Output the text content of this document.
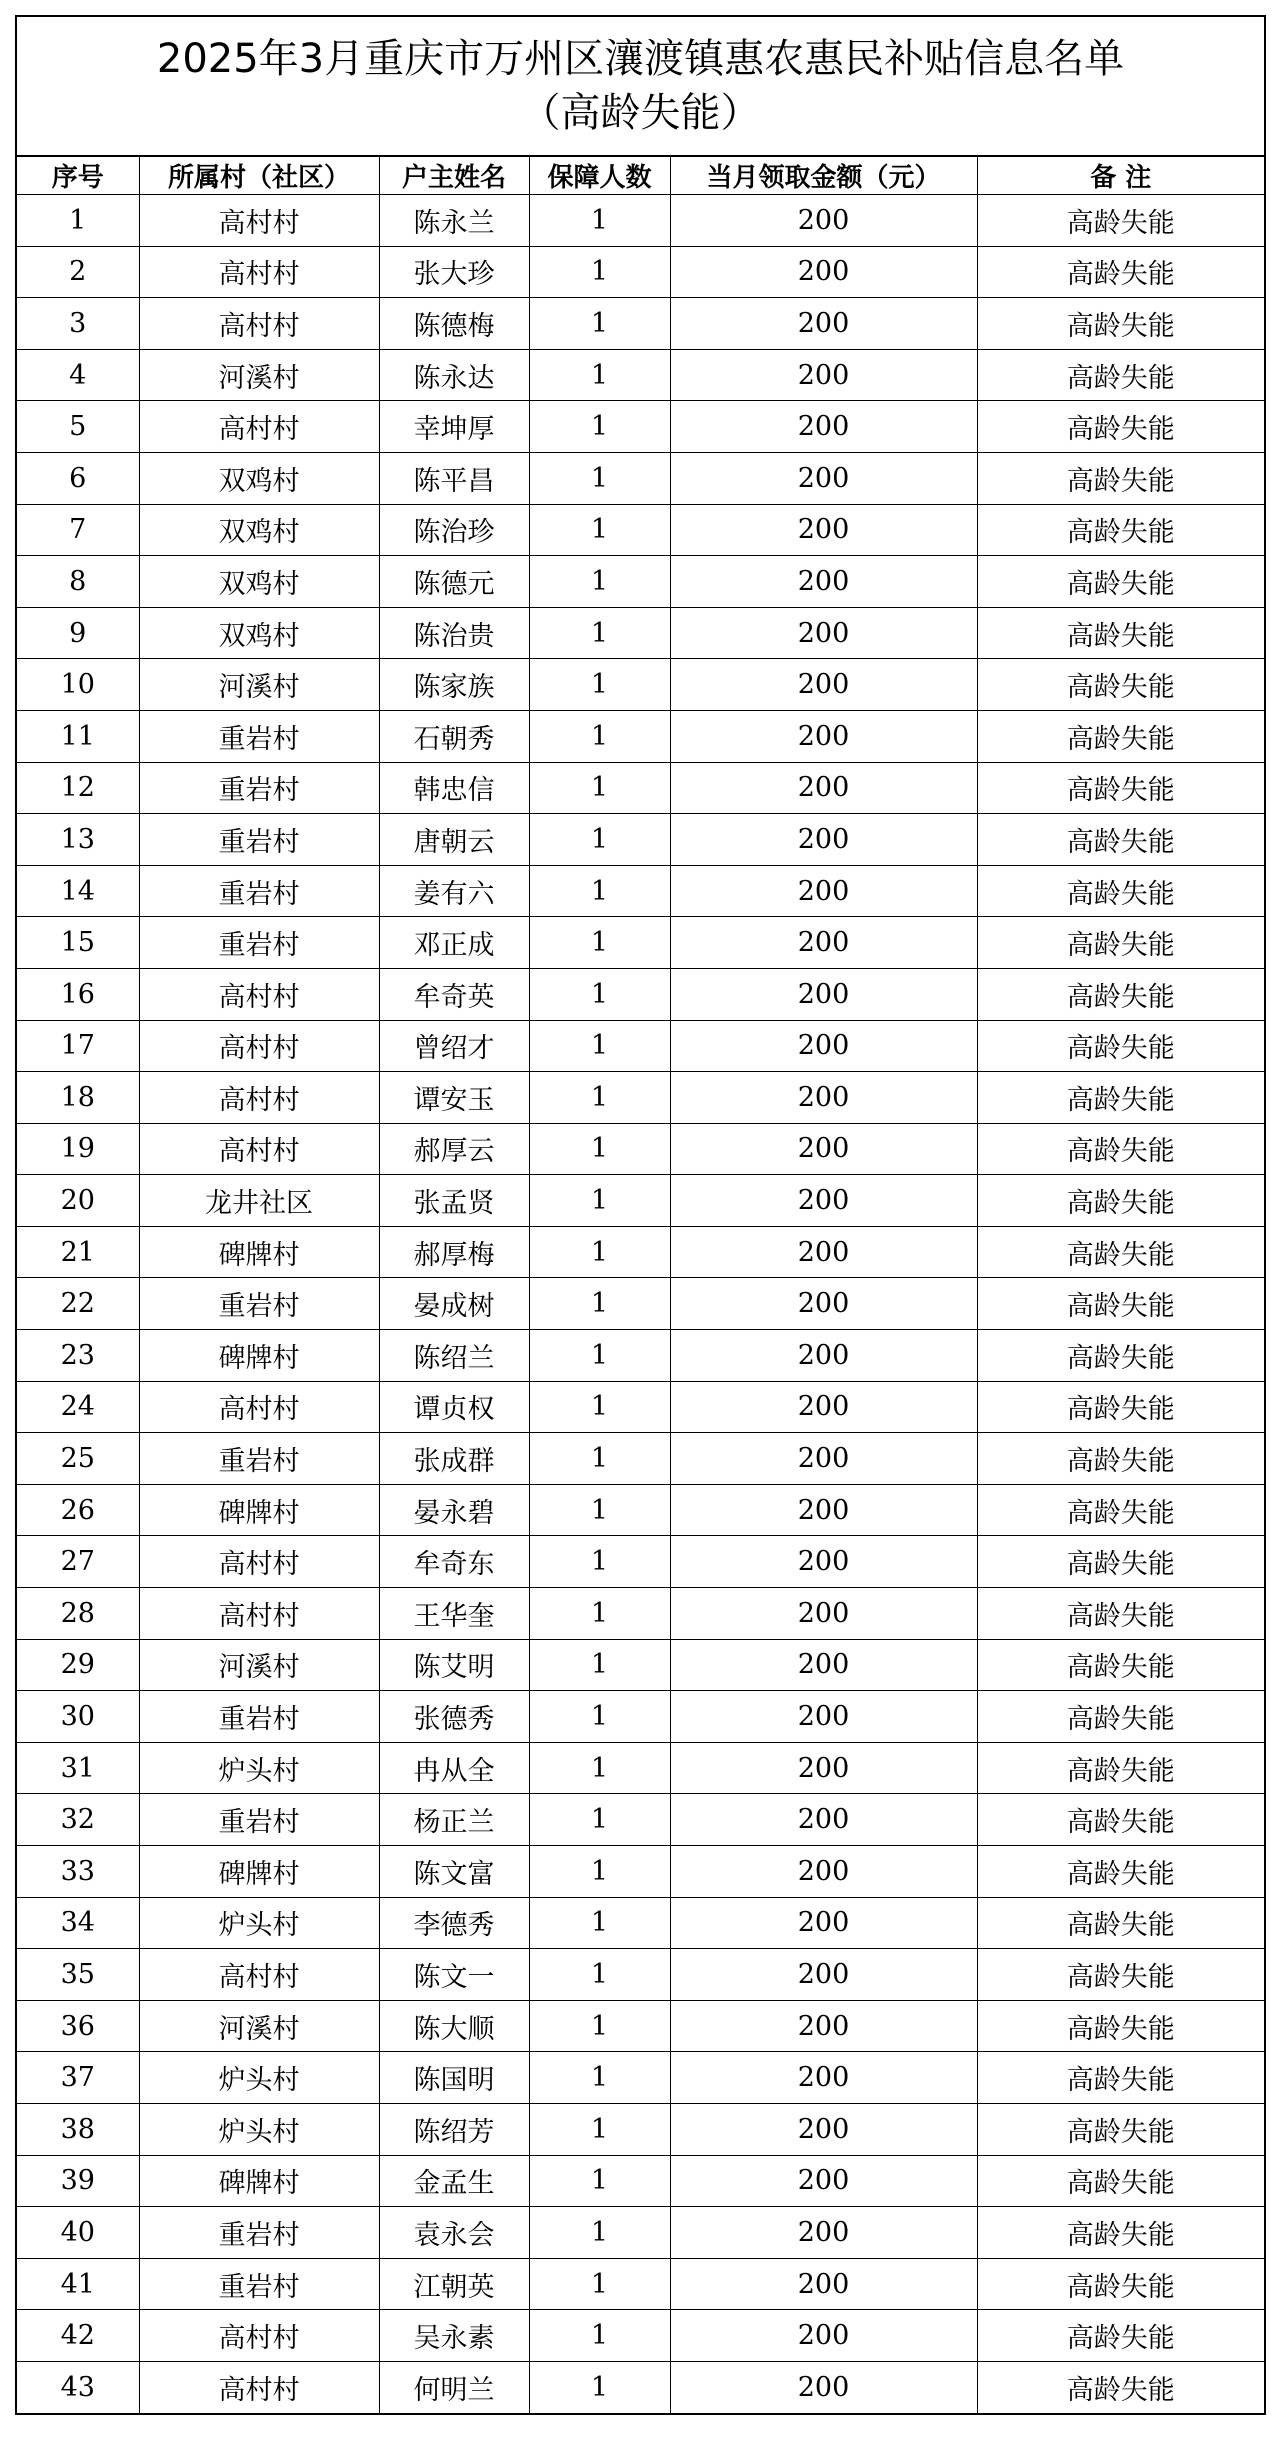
2025年3月重庆市万州区瀼渡镇惠农惠民补贴信息名单
（高龄失能）
序号	所属村（社区）	户主姓名	保障人数	当月领取金额（元）	备 注
1	高村村	陈永兰	1	200	高龄失能
2	高村村	张大珍	1	200	高龄失能
3	高村村	陈德梅	1	200	高龄失能
4	河溪村	陈永达	1	200	高龄失能
5	高村村	幸坤厚	1	200	高龄失能
6	双鸡村	陈平昌	1	200	高龄失能
7	双鸡村	陈治珍	1	200	高龄失能
8	双鸡村	陈德元	1	200	高龄失能
9	双鸡村	陈治贵	1	200	高龄失能
10	河溪村	陈家族	1	200	高龄失能
11	重岩村	石朝秀	1	200	高龄失能
12	重岩村	韩忠信	1	200	高龄失能
13	重岩村	唐朝云	1	200	高龄失能
14	重岩村	姜有六	1	200	高龄失能
15	重岩村	邓正成	1	200	高龄失能
16	高村村	牟奇英	1	200	高龄失能
17	高村村	曾绍才	1	200	高龄失能
18	高村村	谭安玉	1	200	高龄失能
19	高村村	郝厚云	1	200	高龄失能
20	龙井社区	张孟贤	1	200	高龄失能
21	碑牌村	郝厚梅	1	200	高龄失能
22	重岩村	晏成树	1	200	高龄失能
23	碑牌村	陈绍兰	1	200	高龄失能
24	高村村	谭贞权	1	200	高龄失能
25	重岩村	张成群	1	200	高龄失能
26	碑牌村	晏永碧	1	200	高龄失能
27	高村村	牟奇东	1	200	高龄失能
28	高村村	王华奎	1	200	高龄失能
29	河溪村	陈艾明	1	200	高龄失能
30	重岩村	张德秀	1	200	高龄失能
31	炉头村	冉从全	1	200	高龄失能
32	重岩村	杨正兰	1	200	高龄失能
33	碑牌村	陈文富	1	200	高龄失能
34	炉头村	李德秀	1	200	高龄失能
35	高村村	陈文一	1	200	高龄失能
36	河溪村	陈大顺	1	200	高龄失能
37	炉头村	陈国明	1	200	高龄失能
38	炉头村	陈绍芳	1	200	高龄失能
39	碑牌村	金孟生	1	200	高龄失能
40	重岩村	袁永会	1	200	高龄失能
41	重岩村	江朝英	1	200	高龄失能
42	高村村	吴永素	1	200	高龄失能
43	高村村	何明兰	1	200	高龄失能
